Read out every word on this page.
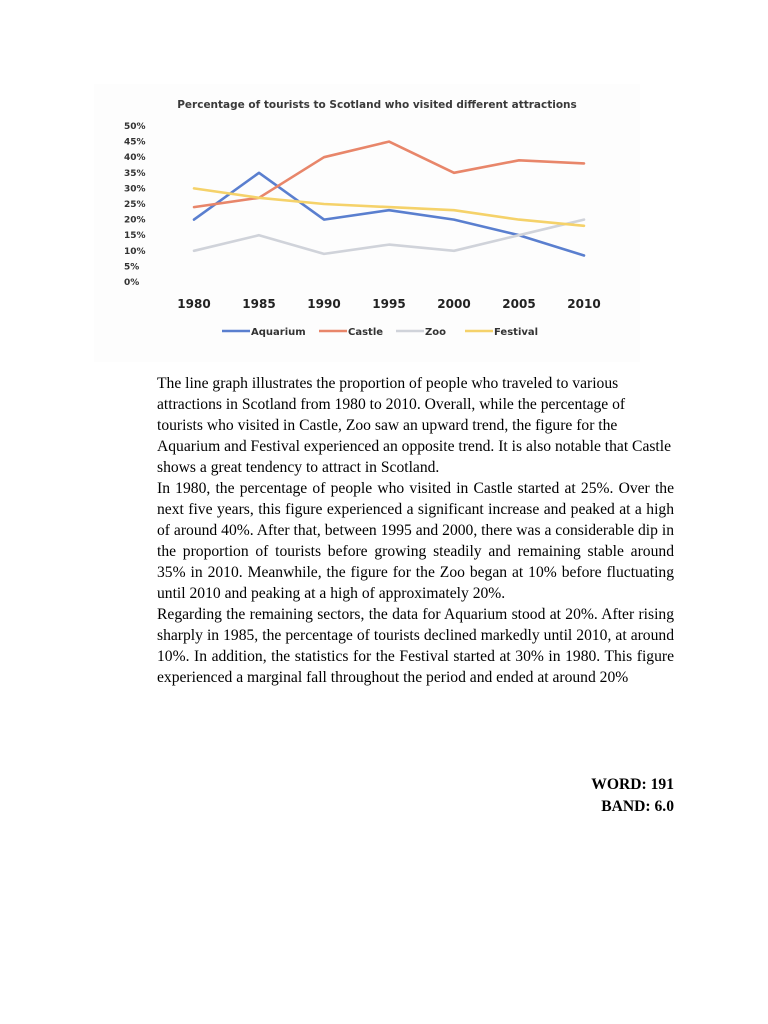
Percentage of tourists to Scotland who visited different attractions
50%
45%
40%
35%
30%
25%
20%
15%
10%
5%
0%
1980	1985	1990	1995	2000	2005	2010
Aquarium	Castle	Zoo	Festival

The line graph illustrates the proportion of people who traveled to various attractions in Scotland from 1980 to 2010. Overall, while the percentage of tourists who visited in Castle, Zoo saw an upward trend, the figure for the Aquarium and Festival experienced an opposite trend. It is also notable that Castle shows a great tendency to attract in Scotland.

In 1980, the percentage of people who visited in Castle started at 25%. Over the next five years, this figure experienced a significant increase and peaked at a high of around 40%. After that, between 1995 and 2000, there was a considerable dip in the proportion of tourists before growing steadily and remaining stable around 35% in 2010. Meanwhile, the figure for the Zoo began at 10% before fluctuating until 2010 and peaking at a high of approximately 20%.

Regarding the remaining sectors, the data for Aquarium stood at 20%. After rising sharply in 1985, the percentage of tourists declined markedly until 2010, at around 10%. In addition, the statistics for the Festival started at 30% in 1980. This figure experienced a marginal fall throughout the period and ended at around 20%

WORD: 191
BAND: 6.0
